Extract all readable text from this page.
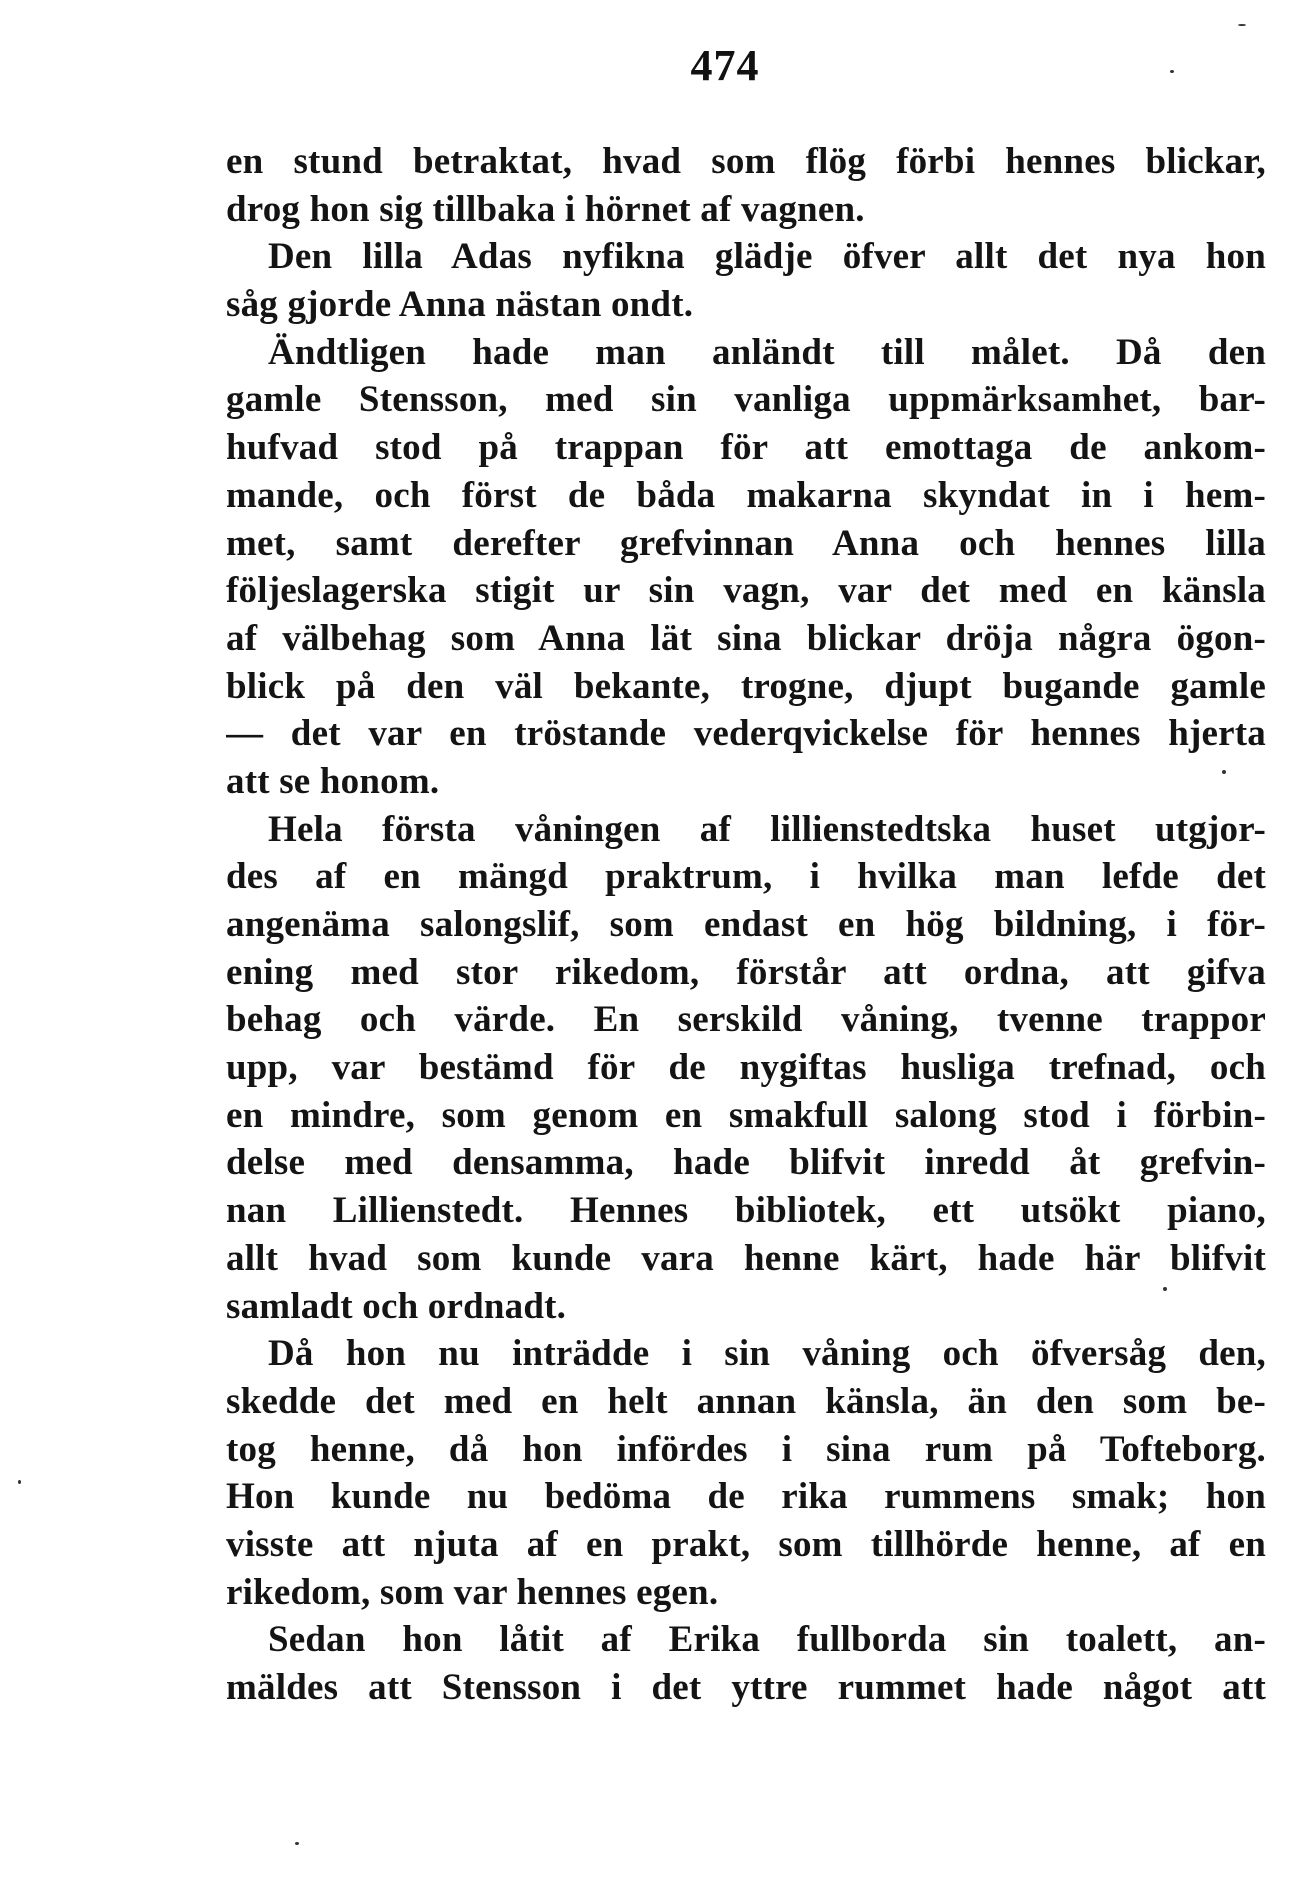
474
en stund betraktat, hvad som flög förbi hennes blickar,
drog hon sig tillbaka i hörnet af vagnen.
Den lilla Adas nyfikna glädje öfver allt det nya hon
såg gjorde Anna nästan ondt.
Ändtligen hade man anländt till målet. Då den
gamle Stensson, med sin vanliga uppmärksamhet, bar-
hufvad stod på trappan för att emottaga de ankom-
mande, och först de båda makarna skyndat in i hem-
met, samt derefter grefvinnan Anna och hennes lilla
följeslagerska stigit ur sin vagn, var det med en känsla
af välbehag som Anna lät sina blickar dröja några ögon-
blick på den väl bekante, trogne, djupt bugande gamle
— det var en tröstande vederqvickelse för hennes hjerta
att se honom.
Hela första våningen af lillienstedtska huset utgjor-
des af en mängd praktrum, i hvilka man lefde det
angenäma salongslif, som endast en hög bildning, i för-
ening med stor rikedom, förstår att ordna, att gifva
behag och värde. En serskild våning, tvenne trappor
upp, var bestämd för de nygiftas husliga trefnad, och
en mindre, som genom en smakfull salong stod i förbin-
delse med densamma, hade blifvit inredd åt grefvin-
nan Lillienstedt. Hennes bibliotek, ett utsökt piano,
allt hvad som kunde vara henne kärt, hade här blifvit
samladt och ordnadt.
Då hon nu inträdde i sin våning och öfversåg den,
skedde det med en helt annan känsla, än den som be-
tog henne, då hon infördes i sina rum på Tofteborg.
Hon kunde nu bedöma de rika rummens smak; hon
visste att njuta af en prakt, som tillhörde henne, af en
rikedom, som var hennes egen.
Sedan hon låtit af Erika fullborda sin toalett, an-
mäldes att Stensson i det yttre rummet hade något att
